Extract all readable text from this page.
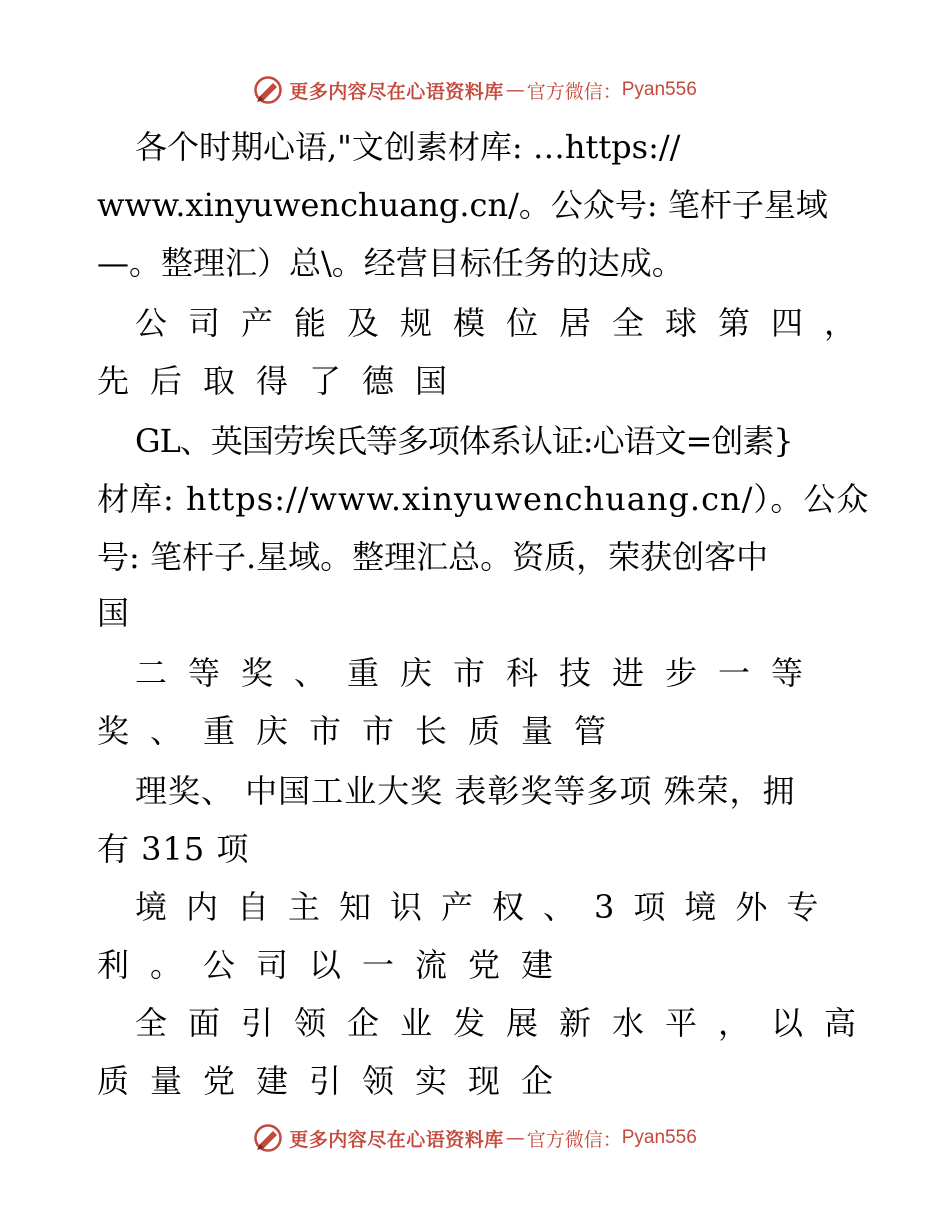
更多内容尽在心语资料库 — 官方微信： Pyan556
各个时期心语,"文创素材库: …https://
www.xinyuwenchuang.cn/。公众号: 笔杆子星域
—。整理汇）总\。经营目标任务的达成。
公司产能及规模位居全球第四，
先后取得了德国
GL、英国劳埃氏等多项体系认证:心语文=创素}
材库: https://www.xinyuwenchuang.cn/）。公众
号: 笔杆子.星域。整理汇总。资质，荣获创客中
国
二等奖、重庆市科技进步一等
奖、重庆市市长质量管
理奖、 中国工业大奖 表彰奖等多项 殊荣，拥
有 315 项
境内自主知识产权、3项境外专
利。公司以一流党建
全面引领企业发展新水平，以高
质量党建引领实现企
更多内容尽在心语资料库 — 官方微信： Pyan556
